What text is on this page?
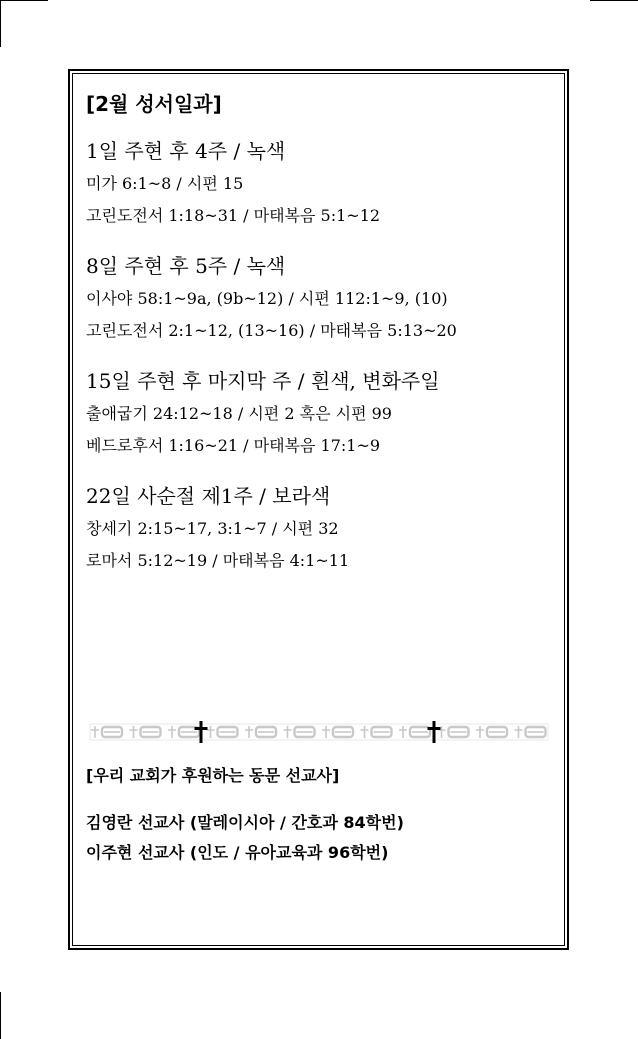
[2월 성서일과]

1일 주현 후 4주 / 녹색

미가 6:1~8 / 시편 15

고린도전서 1:18~31 / 마태복음 5:1~12

8일 주현 후 5주 / 녹색

이사야 58:1~9a, (9b~12) / 시편 112:1~9, (10)

고린도전서 2:1~12, (13~16) / 마태복음 5:13~20

15일 주현 후 마지막 주 / 흰색, 변화주일

출애굽기 24:12~18 / 시편 2 혹은 시편 99

베드로후서 1:16~21 / 마태복음 17:1~9

22일 사순절 제1주 / 보라색

창세기 2:15~17, 3:1~7 / 시편 32

로마서 5:12~19 / 마태복음 4:1~11

[우리 교회가 후원하는 동문 선교사]

김영란 선교사 (말레이시아 / 간호과 84학번)

이주현 선교사 (인도 / 유아교육과 96학번)
